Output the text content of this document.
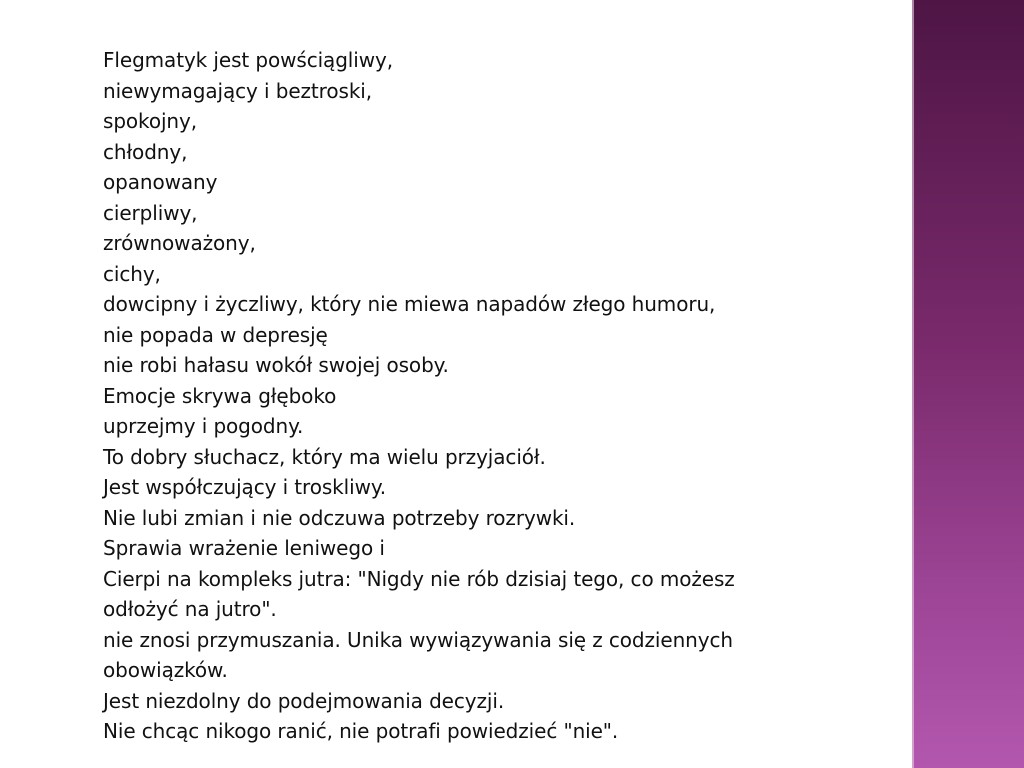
Flegmatyk jest powściągliwy,
niewymagający i beztroski,
spokojny,
chłodny,
opanowany
cierpliwy,
zrównoważony,
cichy,
dowcipny i życzliwy, który nie miewa napadów złego humoru,
nie popada w depresję
nie robi hałasu wokół swojej osoby.
Emocje skrywa głęboko
uprzejmy i pogodny.
To dobry słuchacz, który ma wielu przyjaciół.
Jest współczujący i troskliwy.
Nie lubi zmian i nie odczuwa potrzeby rozrywki.
Sprawia wrażenie leniwego i
Cierpi na kompleks jutra: "Nigdy nie rób dzisiaj tego, co możesz
odłożyć na jutro".
nie znosi przymuszania. Unika wywiązywania się z codziennych
obowiązków.
Jest niezdolny do podejmowania decyzji.
Nie chcąc nikogo ranić, nie potrafi powiedzieć "nie".
